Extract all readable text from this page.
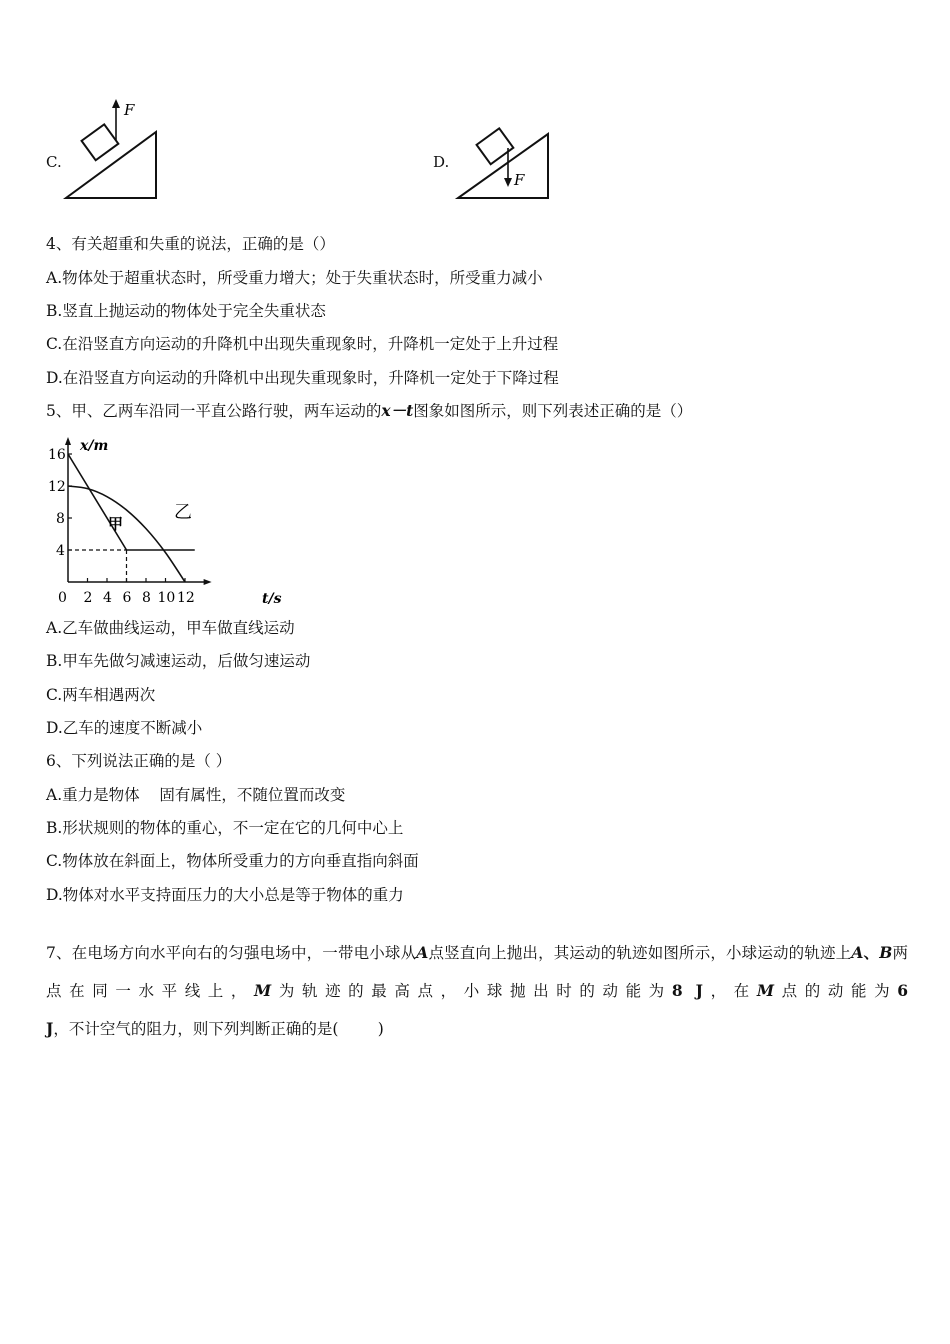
C.
F
D.
F
4、有关超重和失重的说法，正确的是（）
A.物体处于超重状态时，所受重力增大；处于失重状态时，所受重力减小
B.竖直上抛运动的物体处于完全失重状态
C.在沿竖直方向运动的升降机中出现失重现象时，升降机一定处于上升过程
D.在沿竖直方向运动的升降机中出现失重现象时，升降机一定处于下降过程
5、甲、乙两车沿同一平直公路行驶，两车运动的x－t图象如图所示，则下列表述正确的是（）
0 2 4 6 8 10 12
4
8
12
16
x/m
t/s
甲
乙
A.乙车做曲线运动，甲车做直线运动
B.甲车先做匀减速运动，后做匀速运动
C.两车相遇两次
D.乙车的速度不断减小
6、下列说法正确的是（ ）
A.重力是物体    固有属性，不随位置而改变
B.形状规则的物体的重心，不一定在它的几何中心上
C.物体放在斜面上，物体所受重力的方向垂直指向斜面
D.物体对水平支持面压力的大小总是等于物体的重力
7、在电场方向水平向右的匀强电场中，一带电小球从A点竖直向上抛出，其运动的轨迹如图所示，小球运动的轨迹上A、B两点在同一水平线上，M为轨迹的最高点，小球抛出时的动能为8 J，在M点的动能为6 J，不计空气的阻力，则下列判断正确的是(        )
